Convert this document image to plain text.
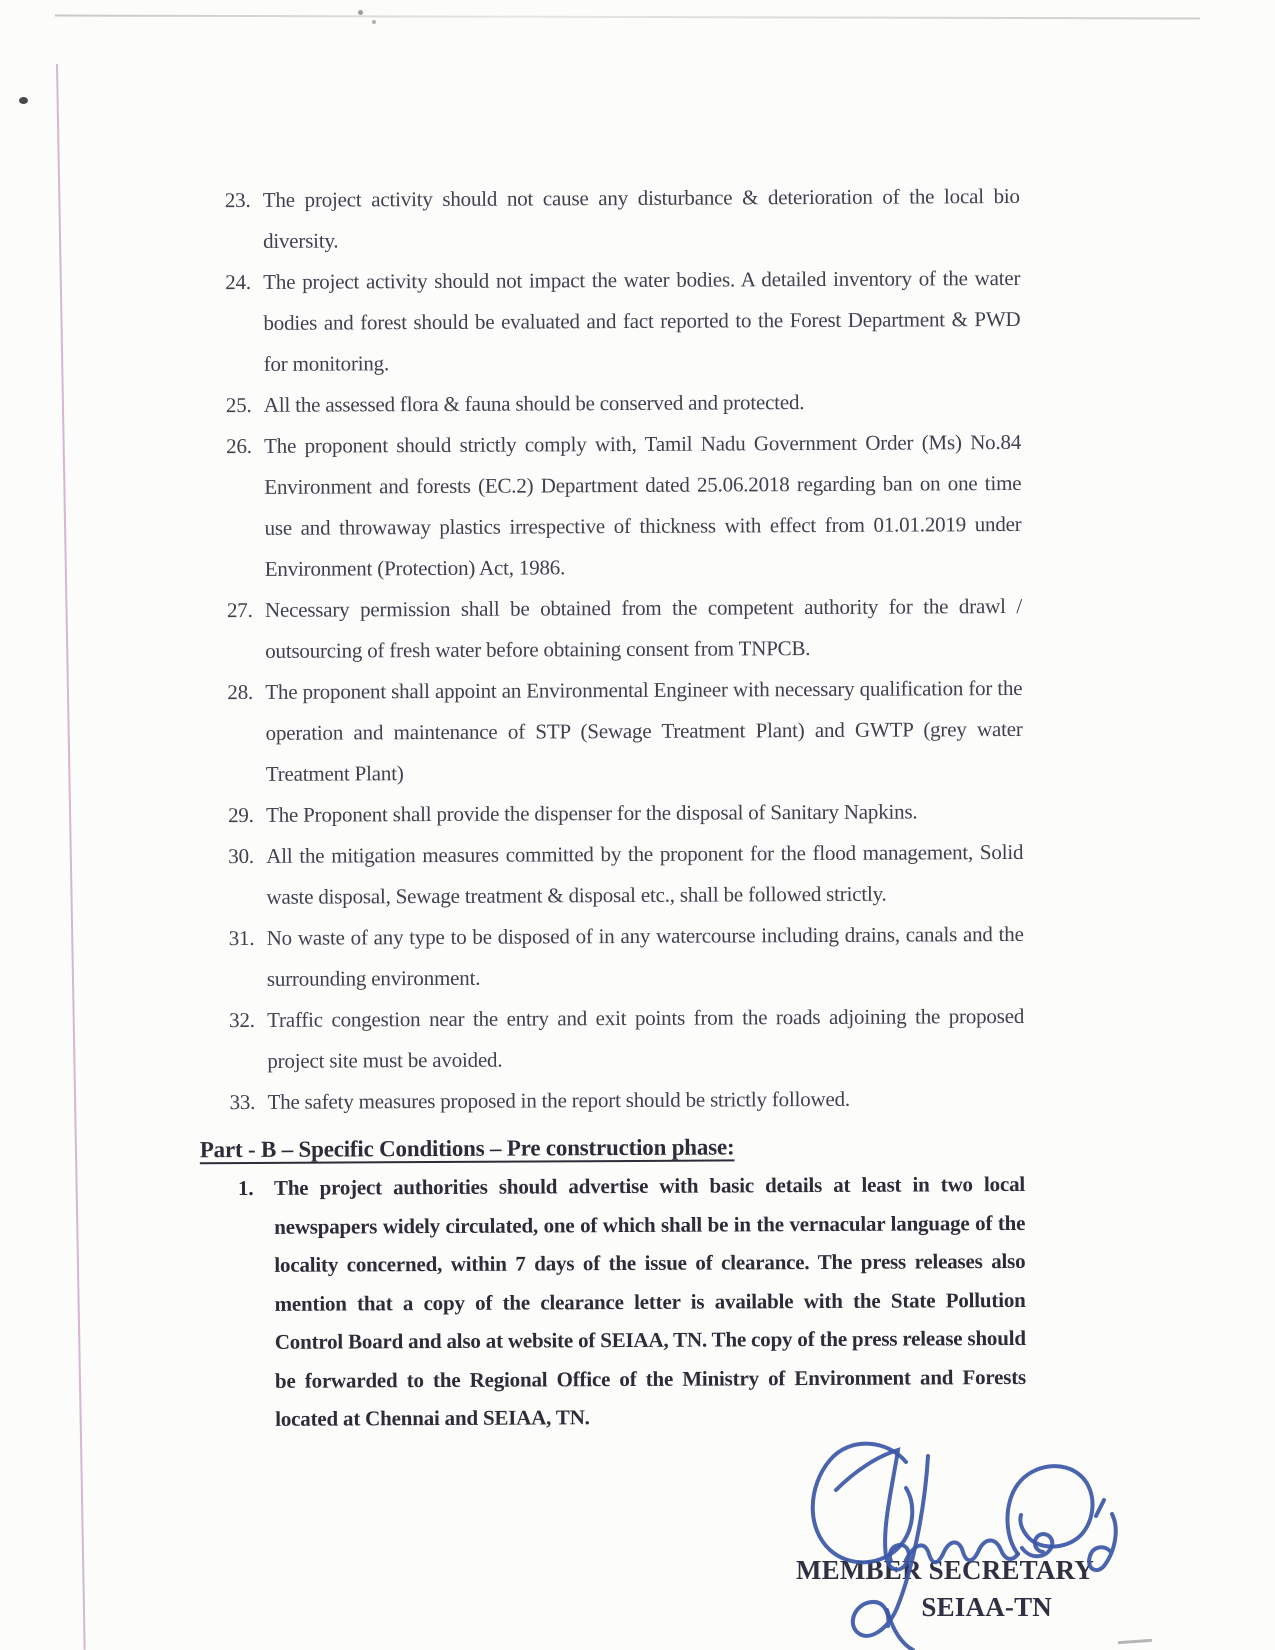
23. The project activity should not cause any disturbance & deterioration of the local bio diversity.
24. The project activity should not impact the water bodies. A detailed inventory of the water bodies and forest should be evaluated and fact reported to the Forest Department & PWD for monitoring.
25. All the assessed flora & fauna should be conserved and protected.
26. The proponent should strictly comply with, Tamil Nadu Government Order (Ms) No.84 Environment and forests (EC.2) Department dated 25.06.2018 regarding ban on one time use and throwaway plastics irrespective of thickness with effect from 01.01.2019 under Environment (Protection) Act, 1986.
27. Necessary permission shall be obtained from the competent authority for the drawl / outsourcing of fresh water before obtaining consent from TNPCB.
28. The proponent shall appoint an Environmental Engineer with necessary qualification for the operation and maintenance of STP (Sewage Treatment Plant) and GWTP (grey water Treatment Plant)
29. The Proponent shall provide the dispenser for the disposal of Sanitary Napkins.
30. All the mitigation measures committed by the proponent for the flood management, Solid waste disposal, Sewage treatment & disposal etc., shall be followed strictly.
31. No waste of any type to be disposed of in any watercourse including drains, canals and the surrounding environment.
32. Traffic congestion near the entry and exit points from the roads adjoining the proposed project site must be avoided.
33. The safety measures proposed in the report should be strictly followed.
Part - B – Specific Conditions – Pre construction phase:
1. The project authorities should advertise with basic details at least in two local newspapers widely circulated, one of which shall be in the vernacular language of the locality concerned, within 7 days of the issue of clearance. The press releases also mention that a copy of the clearance letter is available with the State Pollution Control Board and also at website of SEIAA, TN. The copy of the press release should be forwarded to the Regional Office of the Ministry of Environment and Forests located at Chennai and SEIAA, TN.
MEMBER SECRETARY
SEIAA-TN
